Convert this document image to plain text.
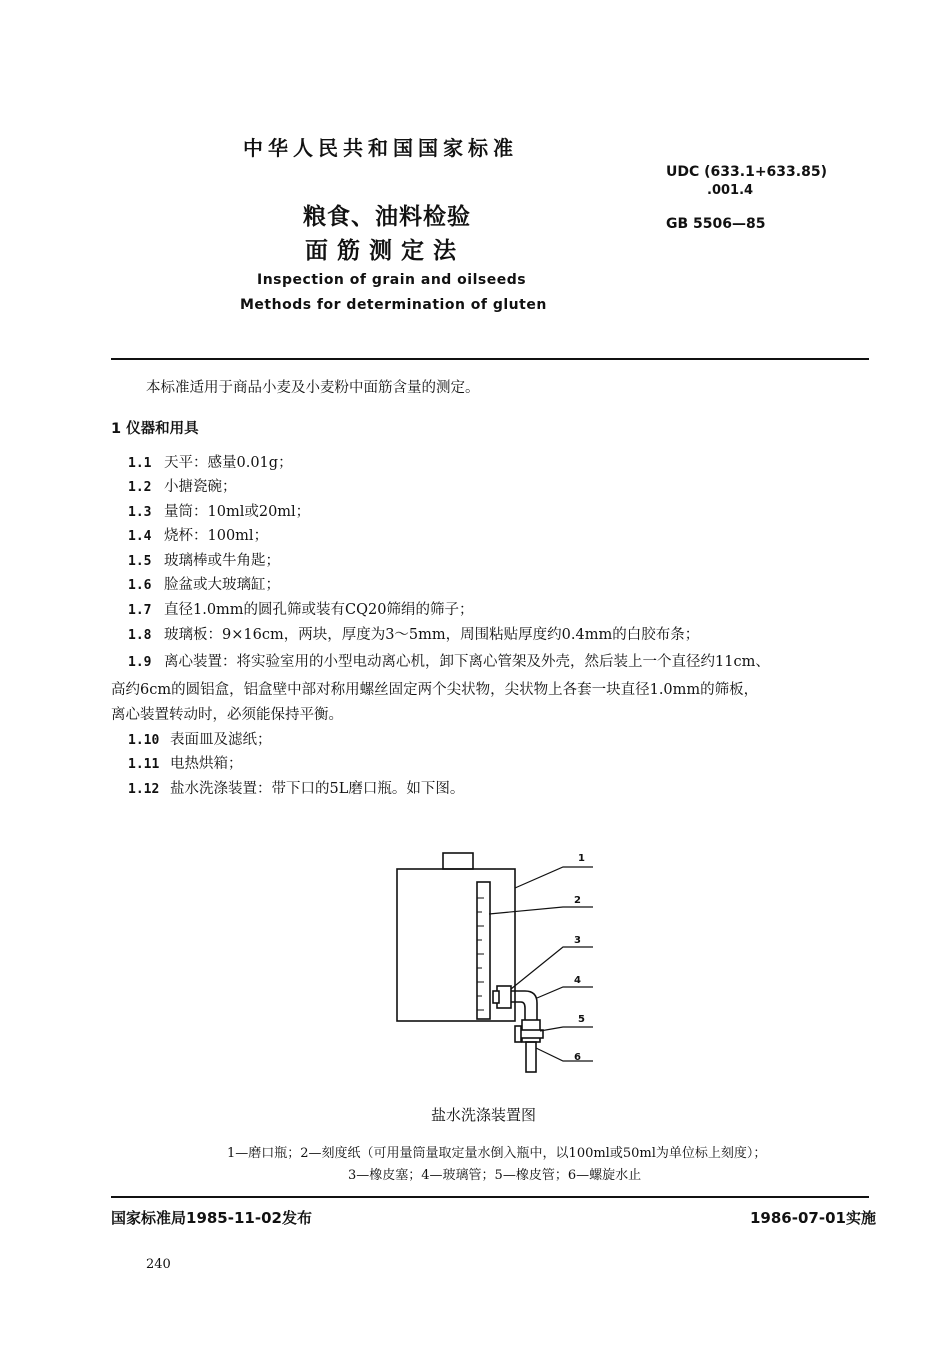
中华人民共和国国家标准
UDC (633.1+633.85)
.001.4
GB 5506—85
粮食、油料检验
面筋测定法
Inspection of grain and oilseeds
Methods for determination of gluten
本标准适用于商品小麦及小麦粉中面筋含量的测定。
1 仪器和用具
1.1 天平：感量0.01g；
1.2 小搪瓷碗；
1.3 量筒：10ml或20ml；
1.4 烧杯：100ml；
1.5 玻璃棒或牛角匙；
1.6 脸盆或大玻璃缸；
1.7 直径1.0mm的圆孔筛或装有CQ20筛绢的筛子；
1.8 玻璃板：9×16cm，两块，厚度为3～5mm，周围粘贴厚度约0.4mm的白胶布条；
1.9 离心装置：将实验室用的小型电动离心机，卸下离心管架及外壳，然后装上一个直径约11cm、
高约6cm的圆铝盒，铝盒壁中部对称用螺丝固定两个尖状物，尖状物上各套一块直径1.0mm的筛板，
离心装置转动时，必须能保持平衡。
1.10 表面皿及滤纸；
1.11 电热烘箱；
1.12 盐水洗涤装置：带下口的5L磨口瓶。如下图。
1
2
3
4
5
6
盐水洗涤装置图
1—磨口瓶；2—刻度纸（可用量筒量取定量水倒入瓶中，以100ml或50ml为单位标上刻度）；
3—橡皮塞；4—玻璃管；5—橡皮管；6—螺旋水止
国家标准局1985-11-02发布	1986-07-01实施
240
